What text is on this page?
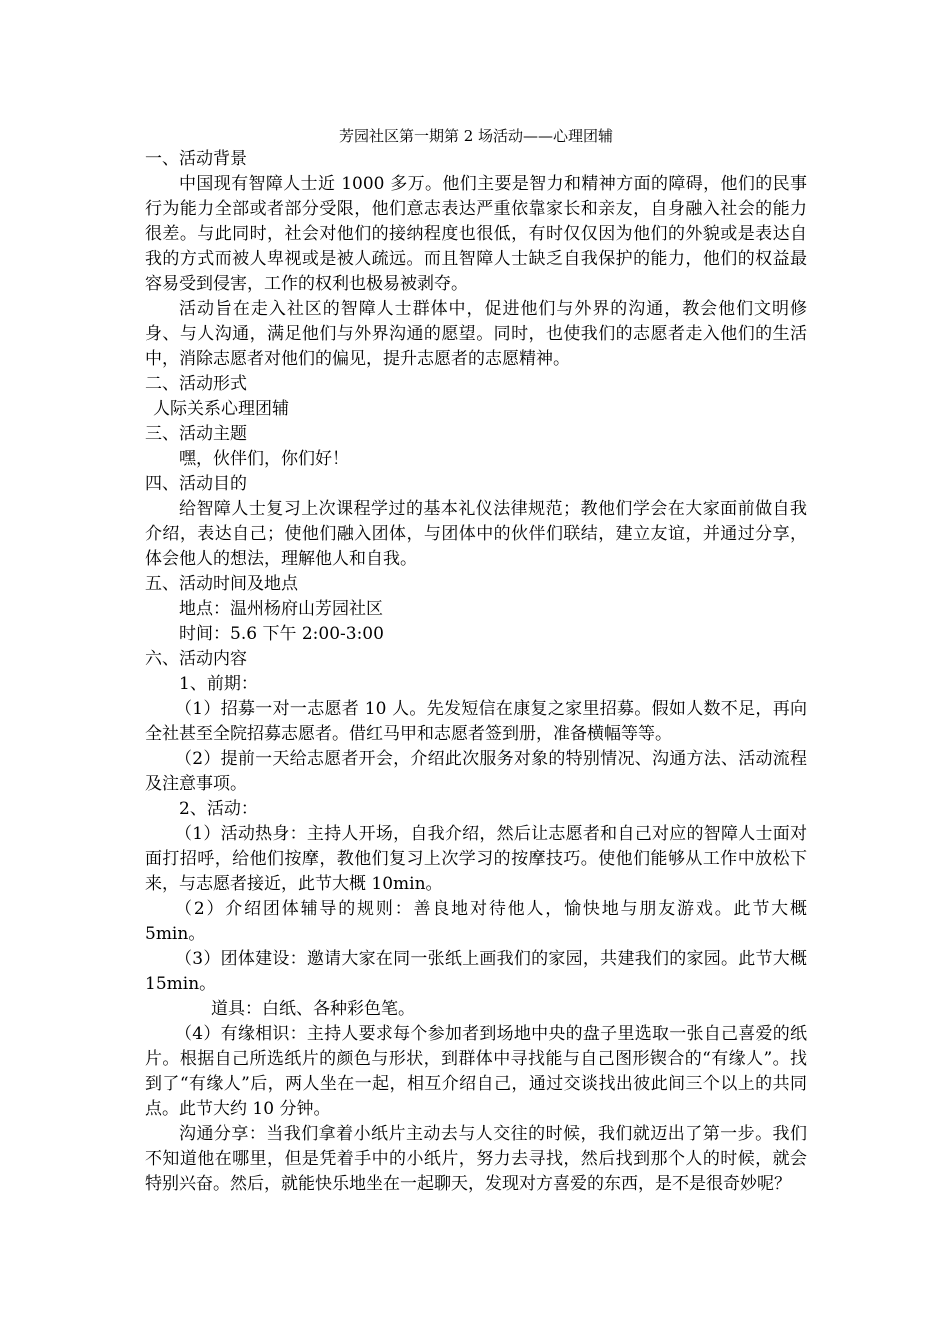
芳园社区第一期第 2 场活动——心理团辅

一、活动背景

中国现有智障人士近 1000 多万。他们主要是智力和精神方面的障碍，他们的民事行为能力全部或者部分受限，他们意志表达严重依靠家长和亲友，自身融入社会的能力很差。与此同时，社会对他们的接纳程度也很低，有时仅仅因为他们的外貌或是表达自我的方式而被人卑视或是被人疏远。而且智障人士缺乏自我保护的能力，他们的权益最容易受到侵害，工作的权利也极易被剥夺。

活动旨在走入社区的智障人士群体中，促进他们与外界的沟通，教会他们文明修身、与人沟通，满足他们与外界沟通的愿望。同时，也使我们的志愿者走入他们的生活中，消除志愿者对他们的偏见，提升志愿者的志愿精神。

二、活动形式

人际关系心理团辅

三、活动主题

嘿，伙伴们，你们好！

四、活动目的

给智障人士复习上次课程学过的基本礼仪法律规范；教他们学会在大家面前做自我介绍，表达自己；使他们融入团体，与团体中的伙伴们联结，建立友谊，并通过分享，体会他人的想法，理解他人和自我。

五、活动时间及地点

地点：温州杨府山芳园社区

时间：5.6 下午 2:00-3:00

六、活动内容

1、前期：

（1）招募一对一志愿者 10 人。先发短信在康复之家里招募。假如人数不足，再向全社甚至全院招募志愿者。借红马甲和志愿者签到册，准备横幅等等。

（2）提前一天给志愿者开会，介绍此次服务对象的特别情况、沟通方法、活动流程及注意事项。

2、活动：

（1）活动热身：主持人开场，自我介绍，然后让志愿者和自己对应的智障人士面对面打招呼，给他们按摩，教他们复习上次学习的按摩技巧。使他们能够从工作中放松下来，与志愿者接近，此节大概 10min。

（2）介绍团体辅导的规则：善良地对待他人，愉快地与朋友游戏。此节大概 5min。

（3）团体建设：邀请大家在同一张纸上画我们的家园，共建我们的家园。此节大概 15min。

道具：白纸、各种彩色笔。

（4）有缘相识：主持人要求每个参加者到场地中央的盘子里选取一张自己喜爱的纸片。根据自己所选纸片的颜色与形状，到群体中寻找能与自己图形锲合的“有缘人”。找到了“有缘人”后，两人坐在一起，相互介绍自己，通过交谈找出彼此间三个以上的共同点。此节大约 10 分钟。

沟通分享：当我们拿着小纸片主动去与人交往的时候，我们就迈出了第一步。我们不知道他在哪里，但是凭着手中的小纸片，努力去寻找，然后找到那个人的时候，就会特别兴奋。然后，就能快乐地坐在一起聊天，发现对方喜爱的东西，是不是很奇妙呢？
